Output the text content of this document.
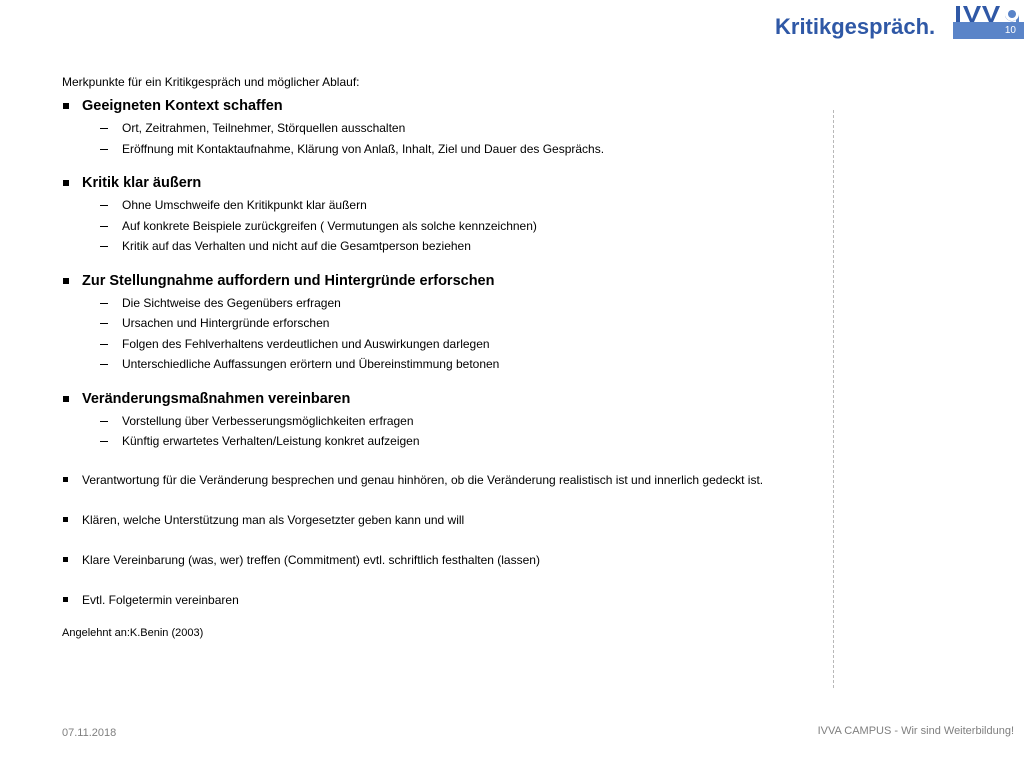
Kritikgespräch.	10
Merkpunkte für ein Kritikgespräch und möglicher Ablauf:
Geeigneten Kontext schaffen
Ort, Zeitrahmen, Teilnehmer, Störquellen ausschalten
Eröffnung mit Kontaktaufnahme, Klärung von Anlaß, Inhalt, Ziel und Dauer des Gesprächs.
Kritik klar äußern
Ohne Umschweife den Kritikpunkt klar äußern
Auf konkrete Beispiele zurückgreifen ( Vermutungen als solche kennzeichnen)
Kritik auf das Verhalten und nicht auf die Gesamtperson beziehen
Zur Stellungnahme auffordern und Hintergründe erforschen
Die Sichtweise des Gegenübers erfragen
Ursachen und Hintergründe erforschen
Folgen des Fehlverhaltens verdeutlichen und Auswirkungen darlegen
Unterschiedliche Auffassungen erörtern und Übereinstimmung betonen
Veränderungsmaßnahmen vereinbaren
Vorstellung über Verbesserungsmöglichkeiten erfragen
Künftig erwartetes Verhalten/Leistung konkret aufzeigen
Verantwortung für die Veränderung besprechen und genau hinhören, ob die Veränderung realistisch ist und innerlich gedeckt ist.
Klären, welche Unterstützung man als Vorgesetzter geben kann und will
Klare Vereinbarung (was, wer) treffen (Commitment) evtl. schriftlich festhalten (lassen)
Evtl. Folgetermin vereinbaren
Angelehnt an:K.Benin (2003)
07.11.2018	IVVA CAMPUS - Wir sind Weiterbildung!
